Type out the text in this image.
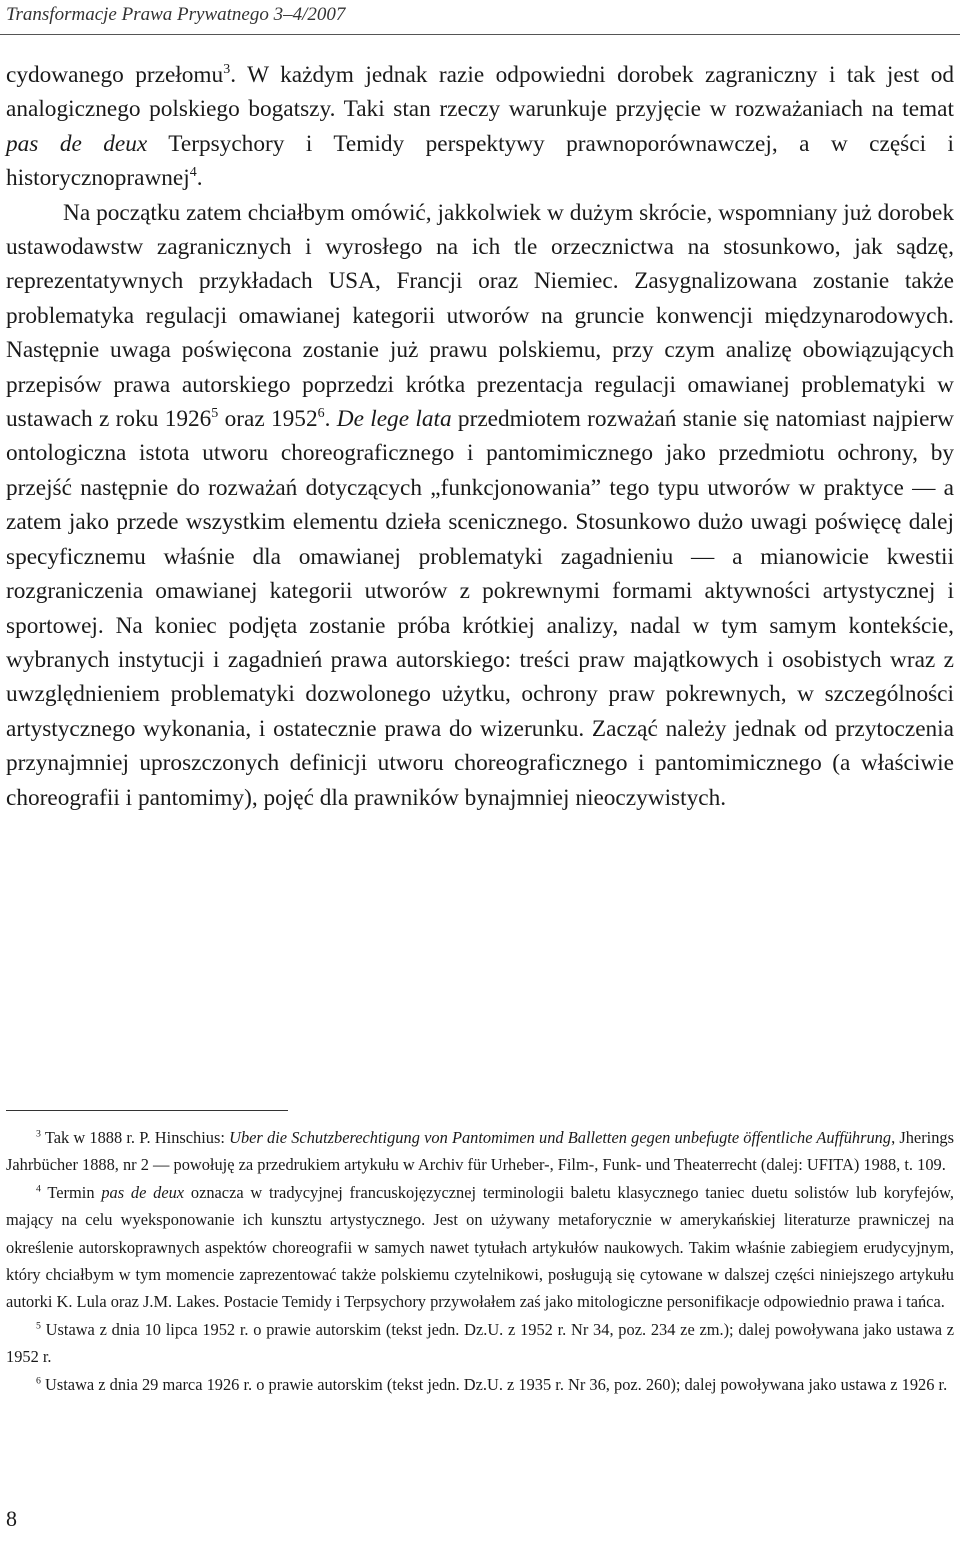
Transformacje Prawa Prywatnego 3–4/2007

cydowanego przełomu$^3$. W każdym jednak razie odpowiedni dorobek zagraniczny i tak jest od analogicznego polskiego bogatszy. Taki stan rzeczy warunkuje przyjęcie w rozważaniach na temat pas de deux Terpsychory i Temidy perspektywy prawnoporównawczej, a w części i historycznoprawnej$^4$.

Na początku zatem chciałbym omówić, jakkolwiek w dużym skrócie, wspomniany już dorobek ustawodawstw zagranicznych i wyrosłego na ich tle orzecznictwa na stosunkowo, jak sądzę, reprezentatywnych przykładach USA, Francji oraz Niemiec. Zasygnalizowana zostanie także problematyka regulacji omawianej kategorii utworów na gruncie konwencji międzynarodowych. Następnie uwaga poświęcona zostanie już prawu polskiemu, przy czym analizę obowiązujących przepisów prawa autorskiego poprzedzi krótka prezentacja regulacji omawianej problematyki w ustawach z roku 1926$^5$ oraz 1952$^6$. De lege lata przedmiotem rozważań stanie się natomiast najpierw ontologiczna istota utworu choreograficznego i pantomimicznego jako przedmiotu ochrony, by przejść następnie do rozważań dotyczących „funkcjonowania” tego typu utworów w praktyce — a zatem jako przede wszystkim elementu dzieła scenicznego. Stosunkowo dużo uwagi poświęcę dalej specyficznemu właśnie dla omawianej problematyki zagadnieniu — a mianowicie kwestii rozgraniczenia omawianej kategorii utworów z pokrewnymi formami aktywności artystycznej i sportowej. Na koniec podjęta zostanie próba krótkiej analizy, nadal w tym samym kontekście, wybranych instytucji i zagadnień prawa autorskiego: treści praw majątkowych i osobistych wraz z uwzględnieniem problematyki dozwolonego użytku, ochrony praw pokrewnych, w szczególności artystycznego wykonania, i ostatecznie prawa do wizerunku. Zacząć należy jednak od przytoczenia przynajmniej uproszczonych definicji utworu choreograficznego i pantomimicznego (a właściwie choreografii i pantomimy), pojęć dla prawników bynajmniej nieoczywistych.

$^3$ Tak w 1888 r. P. Hinschius: Uber die Schutzberechtigung von Pantomimen und Balletten gegen unbefugte öffentliche Aufführung, Jherings Jahrbücher 1888, nr 2 — powołuję za przedrukiem artykułu w Archiv für Urheber-, Film-, Funk- und Theaterrecht (dalej: UFITA) 1988, t. 109.

$^4$ Termin pas de deux oznacza w tradycyjnej francuskojęzycznej terminologii baletu klasycznego taniec duetu solistów lub koryfejów, mający na celu wyeksponowanie ich kunsztu artystycznego. Jest on używany metaforycznie w amerykańskiej literaturze prawniczej na określenie autorskoprawnych aspektów choreografii w samych nawet tytułach artykułów naukowych. Takim właśnie zabiegiem erudycyjnym, który chciałbym w tym momencie zaprezentować także polskiemu czytelnikowi, posługują się cytowane w dalszej części niniejszego artykułu autorki K. Lula oraz J.M. Lakes. Postacie Temidy i Terpsychory przywołałem zaś jako mitologiczne personifikacje odpowiednio prawa i tańca.

$^5$ Ustawa z dnia 10 lipca 1952 r. o prawie autorskim (tekst jedn. Dz.U. z 1952 r. Nr 34, poz. 234 ze zm.); dalej powoływana jako ustawa z 1952 r.

$^6$ Ustawa z dnia 29 marca 1926 r. o prawie autorskim (tekst jedn. Dz.U. z 1935 r. Nr 36, poz. 260); dalej powoływana jako ustawa z 1926 r.

8
